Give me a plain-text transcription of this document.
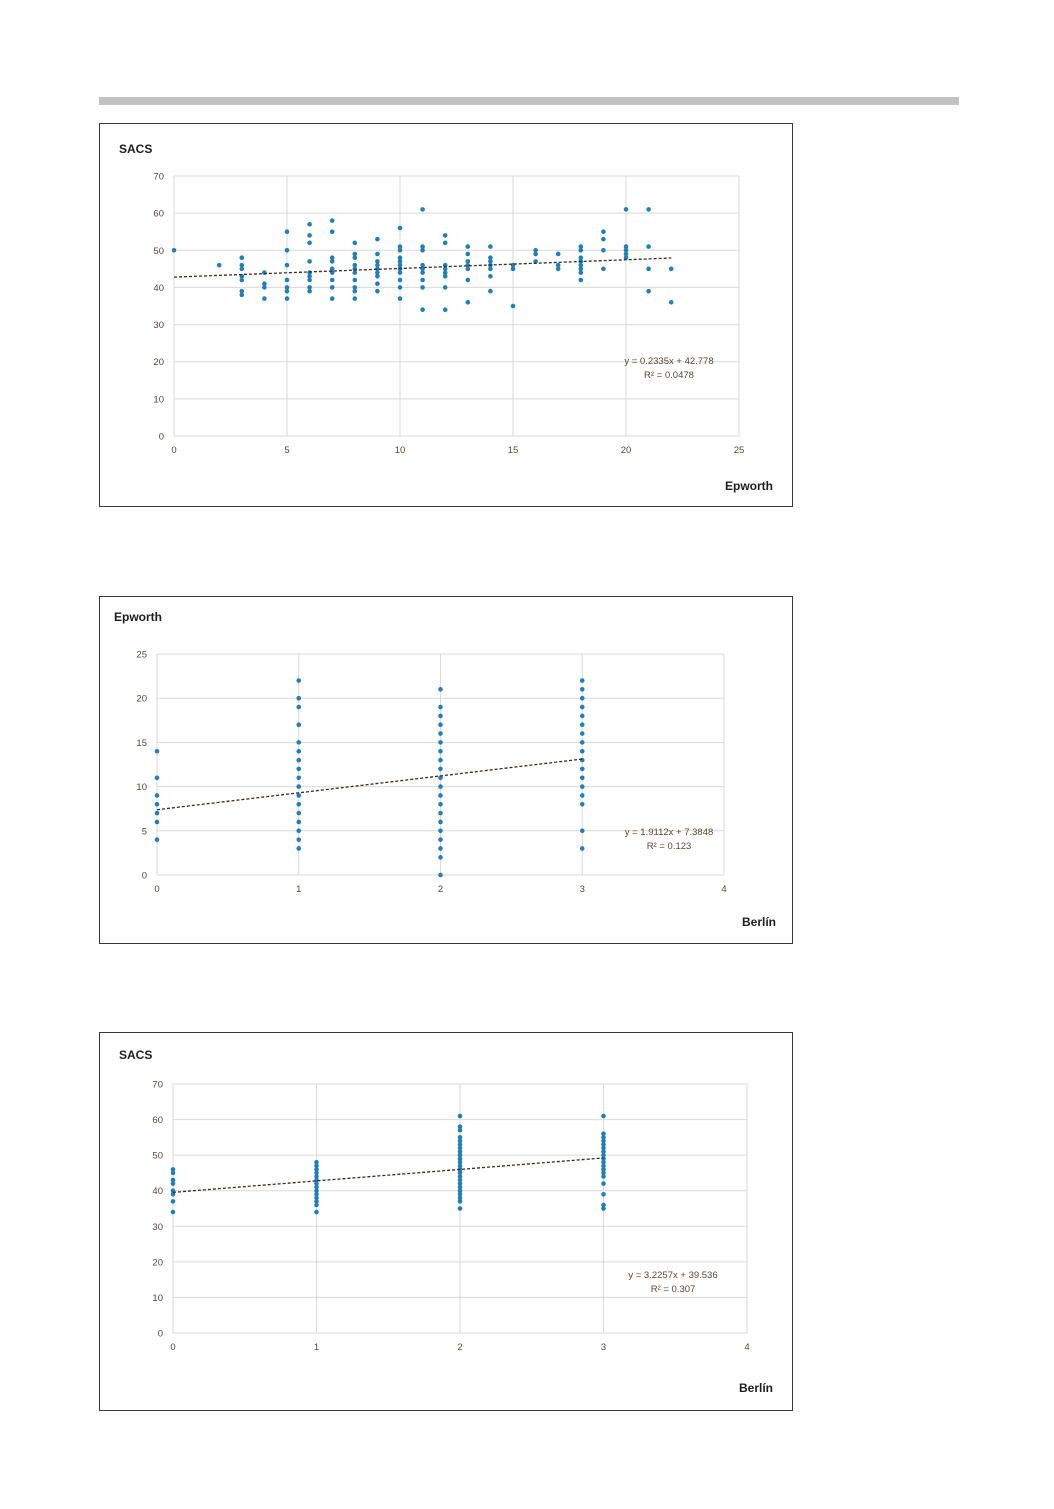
SACS
0
10
20
30
40
50
60
70
0	5	10	15	20	25
y = 0.2335x + 42.778
R² = 0.0478
Epworth
Epworth
0
5
10
15
20
25
0	1	2	3	4
y = 1.9112x + 7.3848
R² = 0.123
Berlín
SACS
0
10
20
30
40
50
60
70
0	1	2	3	4
y = 3.2257x + 39.536
R² = 0.307
Berlín
